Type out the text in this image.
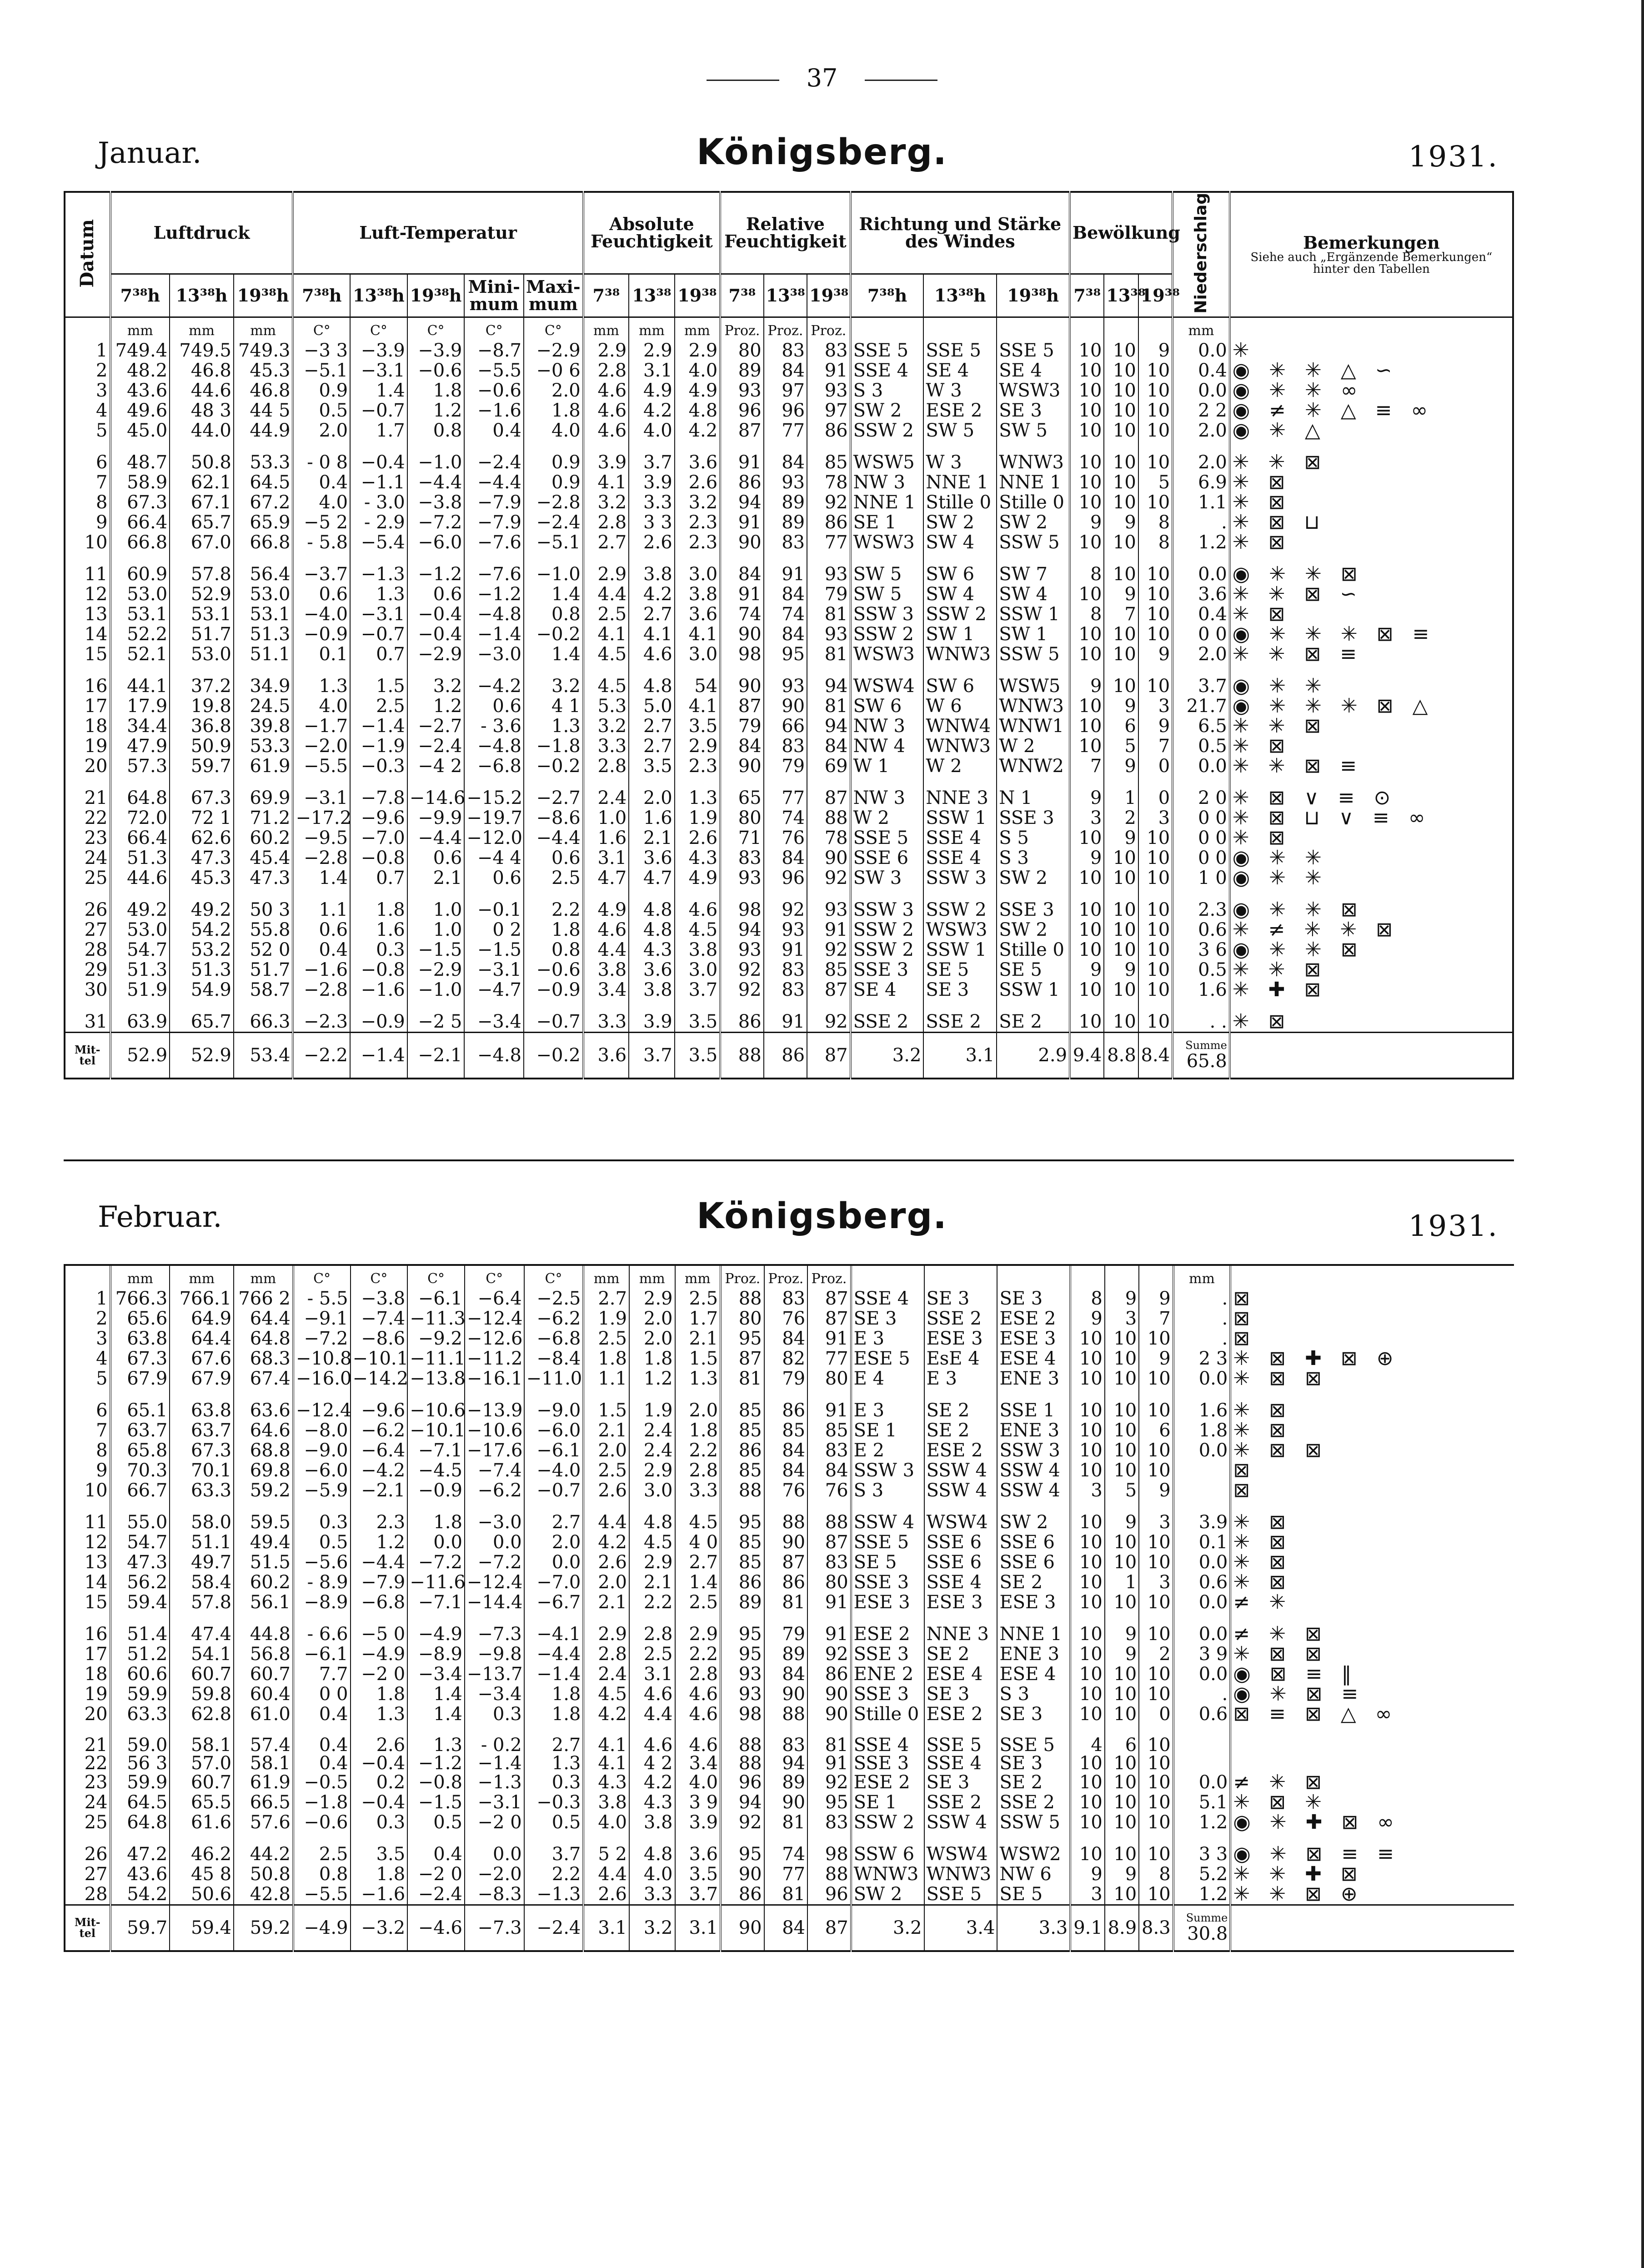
37
Januar.	Königsberg.	1931.
Datum	Luftdruck			Luft-Temperatur					Absolute Feuchtigkeit			Relative Feuchtigkeit			Richtung und Stärke des Windes			Bewölkung			Niederschlag	Bemerkungen
Siehe auch „Ergänzende Bemerkungen“ hinter den Tabellen

	7³⁸h	13³⁸h	19³⁸h	7³⁸h	13³⁸h	19³⁸h	Mini-mum	Maxi-mum	7³⁸	13³⁸	19³⁸	7³⁸	13³⁸	19³⁸	7³⁸h	13³⁸h	19³⁸h	7³⁸	13³⁸	19³⁸		
	mm	mm	mm	C°	C°	C°	C°	C°	mm	mm	mm	Proz.	Proz.	Proz.							mm	
1	749.4	749.5	749.3	−3 3	−3.9	−3.9	−8.7	−2.9	2.9	2.9	2.9	80	83	83	SSE 5	SSE 5	SSE 5	10	10	9	0.0	✳
2	48.2	46.8	45.3	−5.1	−3.1	−0.6	−5.5	−0 6	2.8	3.1	4.0	89	84	91	SSE 4	SE 4	SE 4	10	10	10	0.4	◉ ✳ ✳ △ ∽
3	43.6	44.6	46.8	0.9	1.4	1.8	−0.6	2.0	4.6	4.9	4.9	93	97	93	S 3	W 3	WSW3	10	10	10	0.0	◉ ✳ ✳ ∞
4	49.6	48 3	44 5	0.5	−0.7	1.2	−1.6	1.8	4.6	4.2	4.8	96	96	97	SW 2	ESE 2	SE 3	10	10	10	2 2	◉ ≠ ✳ △ ≡ ∞
5	45.0	44.0	44.9	2.0	1.7	0.8	0.4	4.0	4.6	4.0	4.2	87	77	86	SSW 2	SW 5	SW 5	10	10	10	2.0	◉ ✳ △
6	48.7	50.8	53.3	- 0 8	−0.4	−1.0	−2.4	0.9	3.9	3.7	3.6	91	84	85	WSW5	W 3	WNW3	10	10	10	2.0	✳ ✳ ⊠
7	58.9	62.1	64.5	0.4	−1.1	−4.4	−4.4	0.9	4.1	3.9	2.6	86	93	78	NW 3	NNE 1	NNE 1	10	10	5	6.9	✳ ⊠
8	67.3	67.1	67.2	4.0	- 3.0	−3.8	−7.9	−2.8	3.2	3.3	3.2	94	89	92	NNE 1	Stille 0	Stille 0	10	10	10	1.1	✳ ⊠
9	66.4	65.7	65.9	−5 2	- 2.9	−7.2	−7.9	−2.4	2.8	3 3	2.3	91	89	86	SE 1	SW 2	SW 2	9	9	8	.	✳ ⊠ ⊔
10	66.8	67.0	66.8	- 5.8	−5.4	−6.0	−7.6	−5.1	2.7	2.6	2.3	90	83	77	WSW3	SW 4	SSW 5	10	10	8	1.2	✳ ⊠
11	60.9	57.8	56.4	−3.7	−1.3	−1.2	−7.6	−1.0	2.9	3.8	3.0	84	91	93	SW 5	SW 6	SW 7	8	10	10	0.0	◉ ✳ ✳ ⊠
12	53.0	52.9	53.0	0.6	1.3	0.6	−1.2	1.4	4.4	4.2	3.8	91	84	79	SW 5	SW 4	SW 4	10	9	10	3.6	✳ ✳ ⊠ ∽
13	53.1	53.1	53.1	−4.0	−3.1	−0.4	−4.8	0.8	2.5	2.7	3.6	74	74	81	SSW 3	SSW 2	SSW 1	8	7	10	0.4	✳ ⊠
14	52.2	51.7	51.3	−0.9	−0.7	−0.4	−1.4	−0.2	4.1	4.1	4.1	90	84	93	SSW 2	SW 1	SW 1	10	10	10	0 0	◉ ✳ ✳ ✳ ⊠ ≡
15	52.1	53.0	51.1	0.1	0.7	−2.9	−3.0	1.4	4.5	4.6	3.0	98	95	81	WSW3	WNW3	SSW 5	10	10	9	2.0	✳ ✳ ⊠ ≡
16	44.1	37.2	34.9	1.3	1.5	3.2	−4.2	3.2	4.5	4.8	54	90	93	94	WSW4	SW 6	WSW5	9	10	10	3.7	◉ ✳ ✳
17	17.9	19.8	24.5	4.0	2.5	1.2	0.6	4 1	5.3	5.0	4.1	87	90	81	SW 6	W 6	WNW3	10	9	3	21.7	◉ ✳ ✳ ✳ ⊠ △
18	34.4	36.8	39.8	−1.7	−1.4	−2.7	- 3.6	1.3	3.2	2.7	3.5	79	66	94	NW 3	WNW4	WNW1	10	6	9	6.5	✳ ✳ ⊠
19	47.9	50.9	53.3	−2.0	−1.9	−2.4	−4.8	−1.8	3.3	2.7	2.9	84	83	84	NW 4	WNW3	W 2	10	5	7	0.5	✳ ⊠
20	57.3	59.7	61.9	−5.5	−0.3	−4 2	−6.8	−0.2	2.8	3.5	2.3	90	79	69	W 1	W 2	WNW2	7	9	0	0.0	✳ ✳ ⊠ ≡
21	64.8	67.3	69.9	−3.1	−7.8	−14.6	−15.2	−2.7	2.4	2.0	1.3	65	77	87	NW 3	NNE 3	N 1	9	1	0	2 0	✳ ⊠ ∨ ≡ ⊙
22	72.0	72 1	71.2	−17.2	−9.6	−9.9	−19.7	−8.6	1.0	1.6	1.9	80	74	88	W 2	SSW 1	SSE 3	3	2	3	0 0	✳ ⊠ ⊔ ∨ ≡ ∞
23	66.4	62.6	60.2	−9.5	−7.0	−4.4	−12.0	−4.4	1.6	2.1	2.6	71	76	78	SSE 5	SSE 4	S 5	10	9	10	0 0	✳ ⊠
24	51.3	47.3	45.4	−2.8	−0.8	0.6	−4 4	0.6	3.1	3.6	4.3	83	84	90	SSE 6	SSE 4	S 3	9	10	10	0 0	◉ ✳ ✳
25	44.6	45.3	47.3	1.4	0.7	2.1	0.6	2.5	4.7	4.7	4.9	93	96	92	SW 3	SSW 3	SW 2	10	10	10	1 0	◉ ✳ ✳
26	49.2	49.2	50 3	1.1	1.8	1.0	−0.1	2.2	4.9	4.8	4.6	98	92	93	SSW 3	SSW 2	SSE 3	10	10	10	2.3	◉ ✳ ✳ ⊠
27	53.0	54.2	55.8	0.6	1.6	1.0	0 2	1.8	4.6	4.8	4.5	94	93	91	SSW 2	WSW3	SW 2	10	10	10	0.6	✳ ≠ ✳ ✳ ⊠
28	54.7	53.2	52 0	0.4	0.3	−1.5	−1.5	0.8	4.4	4.3	3.8	93	91	92	SSW 2	SSW 1	Stille 0	10	10	10	3 6	◉ ✳ ✳ ⊠
29	51.3	51.3	51.7	−1.6	−0.8	−2.9	−3.1	−0.6	3.8	3.6	3.0	92	83	85	SSE 3	SE 5	SE 5	9	9	10	0.5	✳ ✳ ⊠
30	51.9	54.9	58.7	−2.8	−1.6	−1.0	−4.7	−0.9	3.4	3.8	3.7	92	83	87	SE 4	SE 3	SSW 1	10	10	10	1.6	✳ ✚ ⊠
31	63.9	65.7	66.3	−2.3	−0.9	−2 5	−3.4	−0.7	3.3	3.9	3.5	86	91	92	SSE 2	SSE 2	SE 2	10	10	10	. .	✳ ⊠
Mit-tel	52.9	52.9	53.4	−2.2	−1.4	−2.1	−4.8	−0.2	3.6	3.7	3.5	88	86	87	3.2	3.1	2.9	9.4	8.8	8.4	Summe
65.8	

Februar.	Königsberg.	1931.
	mm	mm	mm	C°	C°	C°	C°	C°	mm	mm	mm	Proz.	Proz.	Proz.							mm	
1	766.3	766.1	766 2	- 5.5	−3.8	−6.1	−6.4	−2.5	2.7	2.9	2.5	88	83	87	SSE 4	SE 3	SE 3	8	9	9	.	⊠
2	65.6	64.9	64.4	−9.1	−7.4	−11.3	−12.4	−6.2	1.9	2.0	1.7	80	76	87	SE 3	SSE 2	ESE 2	9	3	7	.	⊠
3	63.8	64.4	64.8	−7.2	−8.6	−9.2	−12.6	−6.8	2.5	2.0	2.1	95	84	91	E 3	ESE 3	ESE 3	10	10	10	.	⊠
4	67.3	67.6	68.3	−10.8	−10.1	−11.1	−11.2	−8.4	1.8	1.8	1.5	87	82	77	ESE 5	EsE 4	ESE 4	10	10	9	2 3	✳ ⊠ ✚ ⊠ ⊕
5	67.9	67.9	67.4	−16.0	−14.2	−13.8	−16.1	−11.0	1.1	1.2	1.3	81	79	80	E 4	E 3	ENE 3	10	10	10	0.0	✳ ⊠ ⊠
6	65.1	63.8	63.6	−12.4	−9.6	−10.6	−13.9	−9.0	1.5	1.9	2.0	85	86	91	E 3	SE 2	SSE 1	10	10	10	1.6	✳ ⊠
7	63.7	63.7	64.6	−8.0	−6.2	−10.1	−10.6	−6.0	2.1	2.4	1.8	85	85	85	SE 1	SE 2	ENE 3	10	10	6	1.8	✳ ⊠
8	65.8	67.3	68.8	−9.0	−6.4	−7.1	−17.6	−6.1	2.0	2.4	2.2	86	84	83	E 2	ESE 2	SSW 3	10	10	10	0.0	✳ ⊠ ⊠
9	70.3	70.1	69.8	−6.0	−4.2	−4.5	−7.4	−4.0	2.5	2.9	2.8	85	84	84	SSW 3	SSW 4	SSW 4	10	10	10		⊠
10	66.7	63.3	59.2	−5.9	−2.1	−0.9	−6.2	−0.7	2.6	3.0	3.3	88	76	76	S 3	SSW 4	SSW 4	3	5	9		⊠
11	55.0	58.0	59.5	0.3	2.3	1.8	−3.0	2.7	4.4	4.8	4.5	95	88	88	SSW 4	WSW4	SW 2	10	9	3	3.9	✳ ⊠
12	54.7	51.1	49.4	0.5	1.2	0.0	0.0	2.0	4.2	4.5	4 0	85	90	87	SSE 5	SSE 6	SSE 6	10	10	10	0.1	✳ ⊠
13	47.3	49.7	51.5	−5.6	−4.4	−7.2	−7.2	0.0	2.6	2.9	2.7	85	87	83	SE 5	SSE 6	SSE 6	10	10	10	0.0	✳ ⊠
14	56.2	58.4	60.2	- 8.9	−7.9	−11.6	−12.4	−7.0	2.0	2.1	1.4	86	86	80	SSE 3	SSE 4	SE 2	10	1	3	0.6	✳ ⊠
15	59.4	57.8	56.1	−8.9	−6.8	−7.1	−14.4	−6.7	2.1	2.2	2.5	89	81	91	ESE 3	ESE 3	ESE 3	10	10	10	0.0	≠ ✳
16	51.4	47.4	44.8	- 6.6	−5 0	−4.9	−7.3	−4.1	2.9	2.8	2.9	95	79	91	ESE 2	NNE 3	NNE 1	10	9	10	0.0	≠ ✳ ⊠
17	51.2	54.1	56.8	−6.1	−4.9	−8.9	−9.8	−4.4	2.8	2.5	2.2	95	89	92	SSE 3	SE 2	ENE 3	10	9	2	3 9	✳ ⊠ ⊠
18	60.6	60.7	60.7	7.7	−2 0	−3.4	−13.7	−1.4	2.4	3.1	2.8	93	84	86	ENE 2	ESE 4	ESE 4	10	10	10	0.0	◉ ⊠ ≡ ‖
19	59.9	59.8	60.4	0 0	1.8	1.4	−3.4	1.8	4.5	4.6	4.6	93	90	90	SSE 3	SE 3	S 3	10	10	10	.	◉ ✳ ⊠ ≡
20	63.3	62.8	61.0	0.4	1.3	1.4	0.3	1.8	4.2	4.4	4.6	98	88	90	Stille 0	ESE 2	SE 3	10	10	0	0.6	⊠ ≡ ⊠ △ ∞
21	59.0	58.1	57.4	0.4	2.6	1.3	- 0.2	2.7	4.1	4.6	4.6	88	83	81	SSE 4	SSE 5	SSE 5	4	6	10		
22	56 3	57.0	58.1	0.4	−0.4	−1.2	−1.4	1.3	4.1	4 2	3.4	88	94	91	SSE 3	SSE 4	SE 3	10	10	10		
23	59.9	60.7	61.9	−0.5	0.2	−0.8	−1.3	0.3	4.3	4.2	4.0	96	89	92	ESE 2	SE 3	SE 2	10	10	10	0.0	≠ ✳ ⊠
24	64.5	65.5	66.5	−1.8	−0.4	−1.5	−3.1	−0.3	3.8	4.3	3 9	94	90	95	SE 1	SSE 2	SSE 2	10	10	10	5.1	✳ ⊠ ✳
25	64.8	61.6	57.6	−0.6	0.3	0.5	−2 0	0.5	4.0	3.8	3.9	92	81	83	SSW 2	SSW 4	SSW 5	10	10	10	1.2	◉ ✳ ✚ ⊠ ∞
26	47.2	46.2	44.2	2.5	3.5	0.4	0.0	3.7	5 2	4.8	3.6	95	74	98	SSW 6	WSW4	WSW2	10	10	10	3 3	◉ ✳ ⊠ ≡ ≡
27	43.6	45 8	50.8	0.8	1.8	−2 0	−2.0	2.2	4.4	4.0	3.5	90	77	88	WNW3	WNW3	NW 6	9	9	8	5.2	✳ ✳ ✚ ⊠
28	54.2	50.6	42.8	−5.5	−1.6	−2.4	−8.3	−1.3	2.6	3.3	3.7	86	81	96	SW 2	SSE 5	SE 5	3	10	10	1.2	✳ ✳ ⊠ ⊕
Mit-tel	59.7	59.4	59.2	−4.9	−3.2	−4.6	−7.3	−2.4	3.1	3.2	3.1	90	84	87	3.2	3.4	3.3	9.1	8.9	8.3	Summe
30.8	
